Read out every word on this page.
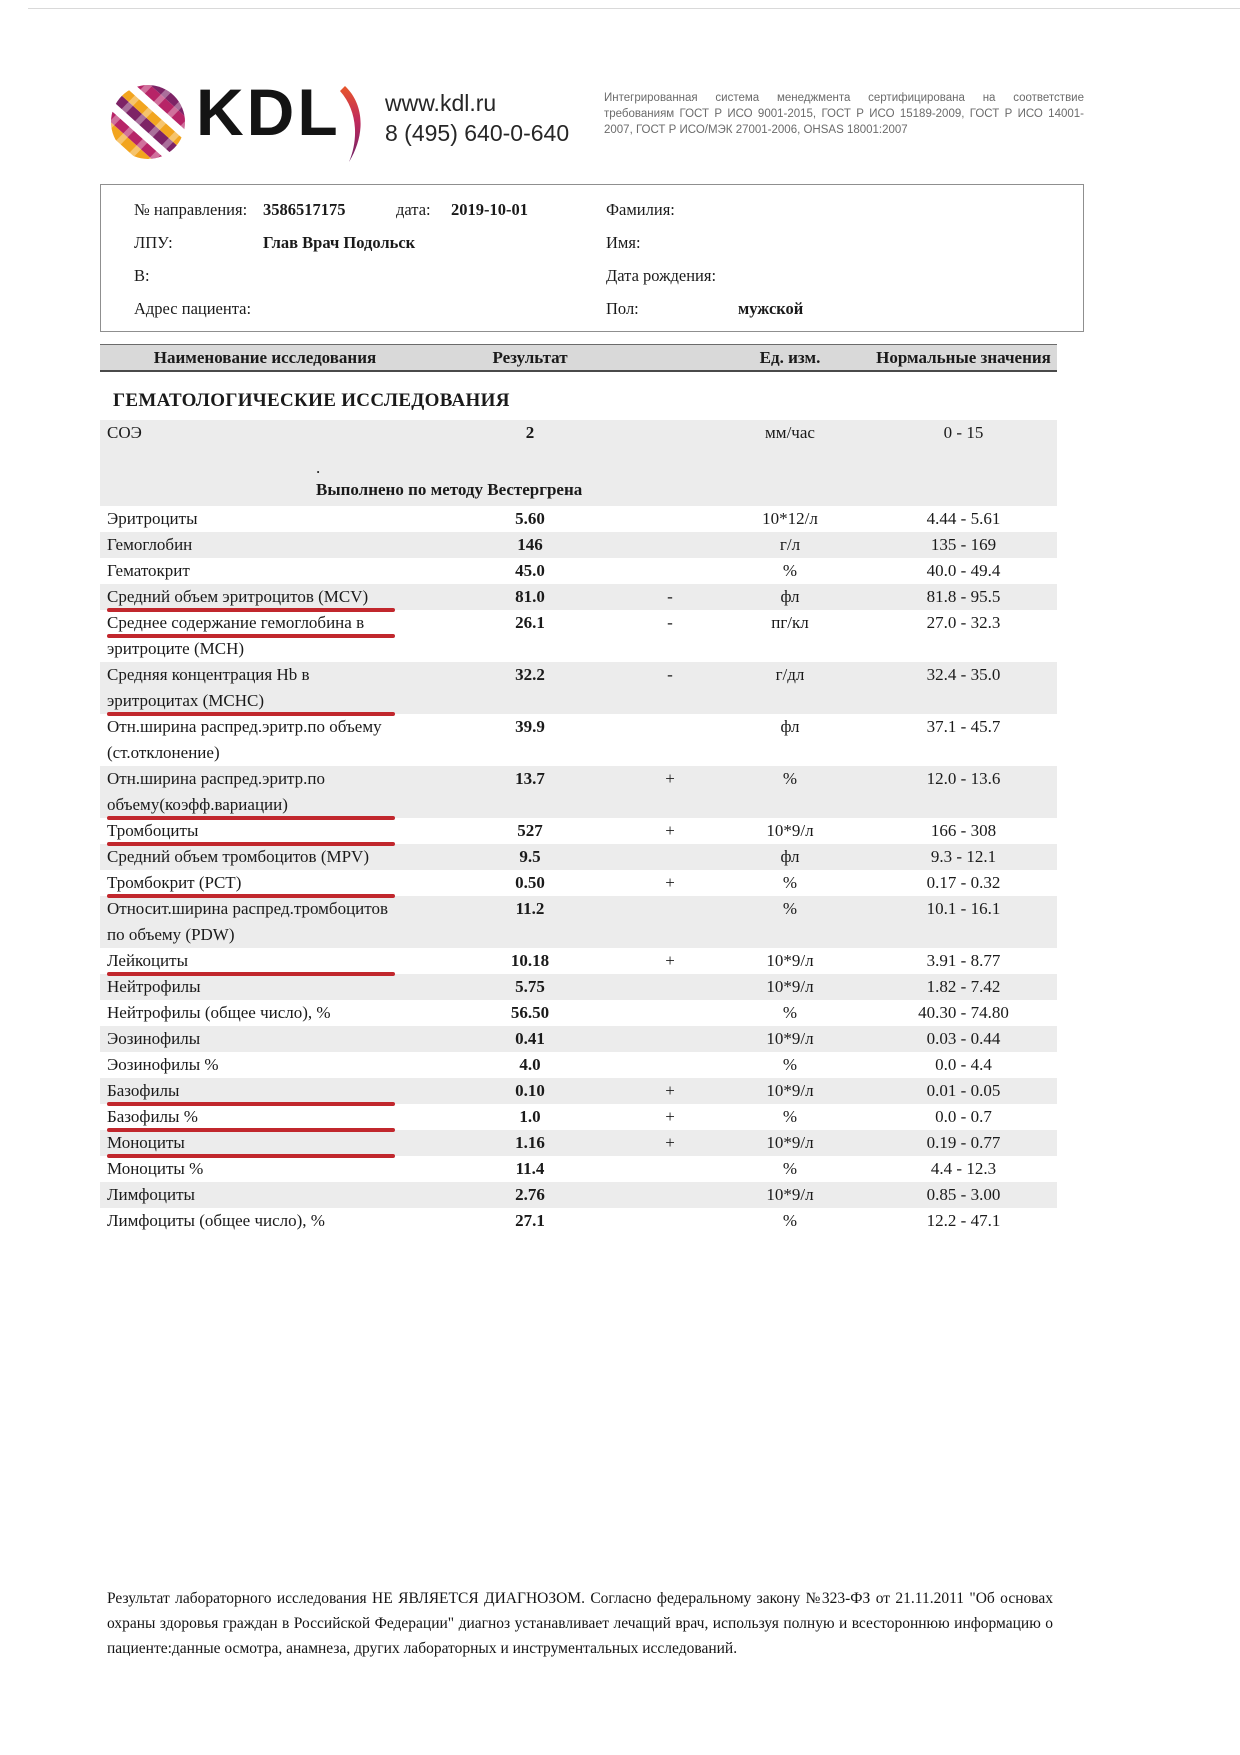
KDL www.kdl.ru
8 (495) 640-0-640
Интегрированная система менеджмента сертифицирована на соответствие требованиям ГОСТ Р ИСО 9001-2015, ГОСТ Р ИСО 15189-2009, ГОСТ Р ИСО 14001-2007, ГОСТ Р ИСО/МЭК 27001-2006, OHSAS 18001:2007
№ направления: 3586517175	дата: 2019-10-01	Фамилия:
ЛПУ:	Глав Врач Подольск	Имя:
В:	Дата рождения:
Адрес пациента:	Пол:	мужской
Наименование исследования	Результат	Ед. изм.	Нормальные значения
ГЕМАТОЛОГИЧЕСКИЕ ИССЛЕДОВАНИЯ
СОЭ	2	мм/час	0 - 15
.
Выполнено по методу Вестергрена
Эритроциты	5.60	10*12/л	4.44 - 5.61
Гемоглобин	146	г/л	135 - 169
Гематокрит	45.0	%	40.0 - 49.4
Средний объем эритроцитов (MCV)	81.0	-	фл	81.8 - 95.5
Среднее содержание гемоглобина в
эритроците (MCH)
26.1	-	пг/кл	27.0 - 32.3
Средняя концентрация Hb в
эритроцитах (MCHC)
32.2	-	г/дл	32.4 - 35.0
Отн.ширина распред.эритр.по объему
(ст.отклонение)
39.9	фл	37.1 - 45.7
Отн.ширина распред.эритр.по
объему(коэфф.вариации)
13.7	+	%	12.0 - 13.6
Тромбоциты	527	+	10*9/л	166 - 308
Средний объем тромбоцитов (MPV)	9.5	фл	9.3 - 12.1
Тромбокрит (PCT)	0.50	+	%	0.17 - 0.32
Относит.ширина распред.тромбоцитов
по объему (PDW)
11.2	%	10.1 - 16.1
Лейкоциты	10.18	+	10*9/л	3.91 - 8.77
Нейтрофилы	5.75	10*9/л	1.82 - 7.42
Нейтрофилы (общее число), %	56.50	%	40.30 - 74.80
Эозинофилы	0.41	10*9/л	0.03 - 0.44
Эозинофилы %	4.0	%	0.0 - 4.4
Базофилы	0.10	+	10*9/л	0.01 - 0.05
Базофилы %	1.0	+	%	0.0 - 0.7
Моноциты	1.16	+	10*9/л	0.19 - 0.77
Моноциты %	11.4	%	4.4 - 12.3
Лимфоциты	2.76	10*9/л	0.85 - 3.00
Лимфоциты (общее число), %	27.1	%	12.2 - 47.1
Результат лабораторного исследования НЕ ЯВЛЯЕТСЯ ДИАГНОЗОМ. Согласно федеральному закону №323-ФЗ от 21.11.2011 "Об основах охраны здоровья граждан в Российской Федерации" диагноз устанавливает лечащий врач, используя полную и всестороннюю информацию о пациенте:данные осмотра, анамнеза, других лабораторных и инструментальных исследований.
